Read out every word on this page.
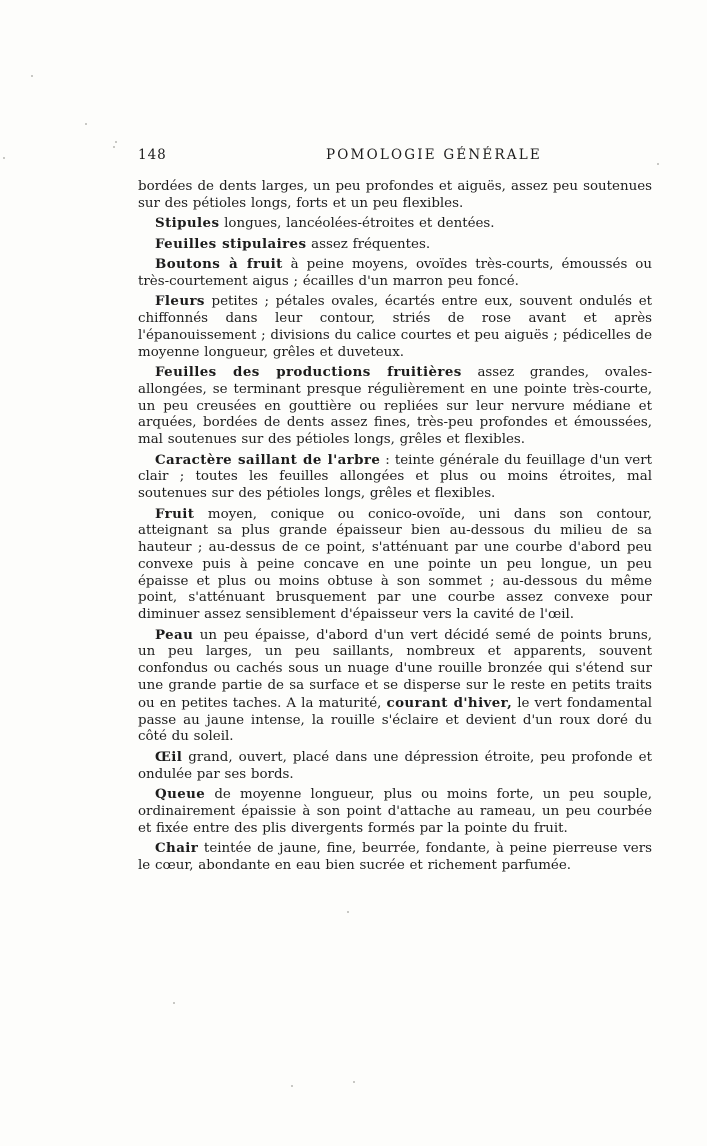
148	POMOLOGIE GÉNÉRALE

bordées de dents larges, un peu profondes et aiguës, assez peu soutenues sur des pétioles longs, forts et un peu flexibles.

Stipules longues, lancéolées-étroites et dentées.

Feuilles stipulaires assez fréquentes.

Boutons à fruit à peine moyens, ovoïdes très-courts, émoussés ou très-courtement aigus ; écailles d'un marron peu foncé.

Fleurs petites ; pétales ovales, écartés entre eux, souvent ondulés et chiffonnés dans leur contour, striés de rose avant et après l'épanouissement ; divisions du calice courtes et peu aiguës ; pédicelles de moyenne longueur, grêles et duveteux.

Feuilles des productions fruitières assez grandes, ovales-allongées, se terminant presque régulièrement en une pointe très-courte, un peu creusées en gouttière ou repliées sur leur nervure médiane et arquées, bordées de dents assez fines, très-peu profondes et émoussées, mal soutenues sur des pétioles longs, grêles et flexibles.

Caractère saillant de l'arbre : teinte générale du feuillage d'un vert clair ; toutes les feuilles allongées et plus ou moins étroites, mal soutenues sur des pétioles longs, grêles et flexibles.

Fruit moyen, conique ou conico-ovoïde, uni dans son contour, atteignant sa plus grande épaisseur bien au-dessous du milieu de sa hauteur ; au-dessus de ce point, s'atténuant par une courbe d'abord peu convexe puis à peine concave en une pointe un peu longue, un peu épaisse et plus ou moins obtuse à son sommet ; au-dessous du même point, s'atténuant brusquement par une courbe assez convexe pour diminuer assez sensiblement d'épaisseur vers la cavité de l'œil.

Peau un peu épaisse, d'abord d'un vert décidé semé de points bruns, un peu larges, un peu saillants, nombreux et apparents, souvent confondus ou cachés sous un nuage d'une rouille bronzée qui s'étend sur une grande partie de sa surface et se disperse sur le reste en petits traits ou en petites taches. A la maturité, courant d'hiver, le vert fondamental passe au jaune intense, la rouille s'éclaire et devient d'un roux doré du côté du soleil.

Œil grand, ouvert, placé dans une dépression étroite, peu profonde et ondulée par ses bords.

Queue de moyenne longueur, plus ou moins forte, un peu souple, ordinairement épaissie à son point d'attache au rameau, un peu courbée et fixée entre des plis divergents formés par la pointe du fruit.

Chair teintée de jaune, fine, beurrée, fondante, à peine pierreuse vers le cœur, abondante en eau bien sucrée et richement parfumée.
